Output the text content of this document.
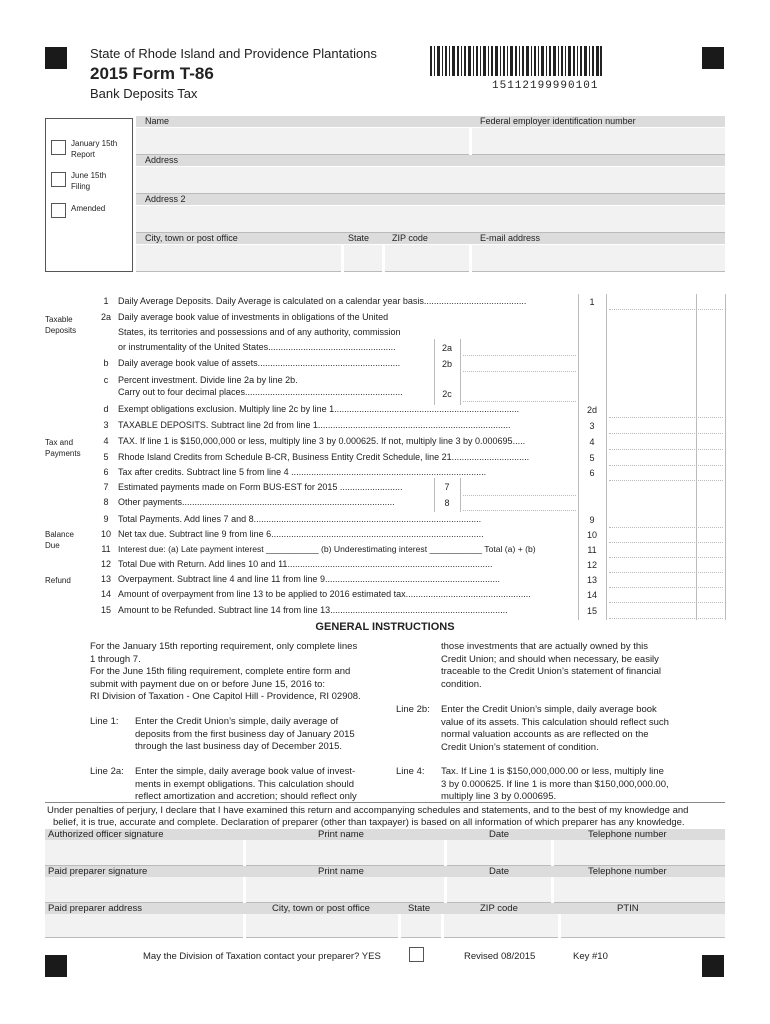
State of Rhode Island and Providence Plantations
2015 Form T-86
Bank Deposits Tax	15112199990101
January 15th
Report
June 15th
Filing
Amended
Name	Federal employer identification number
Address
Address 2
City, town or post office	State	ZIP code	E-mail address
Taxable Deposits
Tax and Payments
Balance Due
Refund
1	Daily Average Deposits. Daily Average is calculated on a calendar year basis.........................................	1
2a Daily average book value of investments in obligations of the United
States, its territories and possessions and of any authority, commission
or instrumentality of the United States...................................................	2a
b	Daily average book value of assets.........................................................	2b
c	Percent investment. Divide line 2a by line 2b.
Carry out to four decimal places...............................................................	2c
d	Exempt obligations exclusion. Multiply line 2c by line 1..........................................................................	2d
3	TAXABLE DEPOSITS. Subtract line 2d from line 1.............................................................................	3
4	TAX. If line 1 is $150,000,000 or less, multiply line 3 by 0.000625. If not, multiply line 3 by 0.000695.....	4
5	Rhode Island Credits from Schedule B-CR, Business Entity Credit Schedule, line 21...............................	5
6	Tax after credits. Subtract line 5 from line 4 ..............................................................................	6
7	Estimated payments made on Form BUS-EST for 2015 .........................	7
8	Other payments.....................................................................................	8
9	Total Payments. Add lines 7 and 8...........................................................................................	9
10 Net tax due. Subtract line 9 from line 6.....................................................................................	10
11 Interest due: (a) Late payment interest ___________ (b) Underestimating interest ___________ Total (a) + (b)	11
12 Total Due with Return. Add lines 10 and 11..................................................................................	12
13 Overpayment. Subtract line 4 and line 11 from line 9......................................................................	13
14 Amount of overpayment from line 13 to be applied to 2016 estimated tax..................................................	14
15 Amount to be Refunded. Subtract line 14 from line 13.......................................................................	15
GENERAL INSTRUCTIONS
For the January 15th reporting requirement, only complete lines
1 through 7.
For the June 15th filing requirement, complete entire form and
submit with payment due on or before June 15, 2016 to:
RI Division of Taxation - One Capitol Hill - Providence, RI 02908.
Line 1: Enter the Credit Union’s simple, daily average of
deposits from the first business day of January 2015
through the last business day of December 2015.
Line 2a: Enter the simple, daily average book value of invest-
ments in exempt obligations. This calculation should
reflect amortization and accretion; should reflect only
those investments that are actually owned by this
Credit Union; and should when necessary, be easily
traceable to the Credit Union’s statement of financial
condition.
Line 2b: Enter the Credit Union’s simple, daily average book
value of its assets. This calculation should reflect such
normal valuation accounts as are reflected on the
Credit Union’s statement of condition.
Line 4: Tax. If Line 1 is $150,000,000.00 or less, multiply line
3 by 0.000625. If line 1 is more than $150,000,000.00,
multiply line 3 by 0.000695.
Under penalties of perjury, I declare that I have examined this return and accompanying schedules and statements, and to the best of my knowledge and
belief, it is true, accurate and complete. Declaration of preparer (other than taxpayer) is based on all information of which preparer has any knowledge.
Authorized officer signature	Print name	Date	Telephone number
Paid preparer signature	Print name	Date	Telephone number
Paid preparer address	City, town or post office	State	ZIP code	PTIN
May the Division of Taxation contact your preparer? YES	Revised 08/2015	Key #10
